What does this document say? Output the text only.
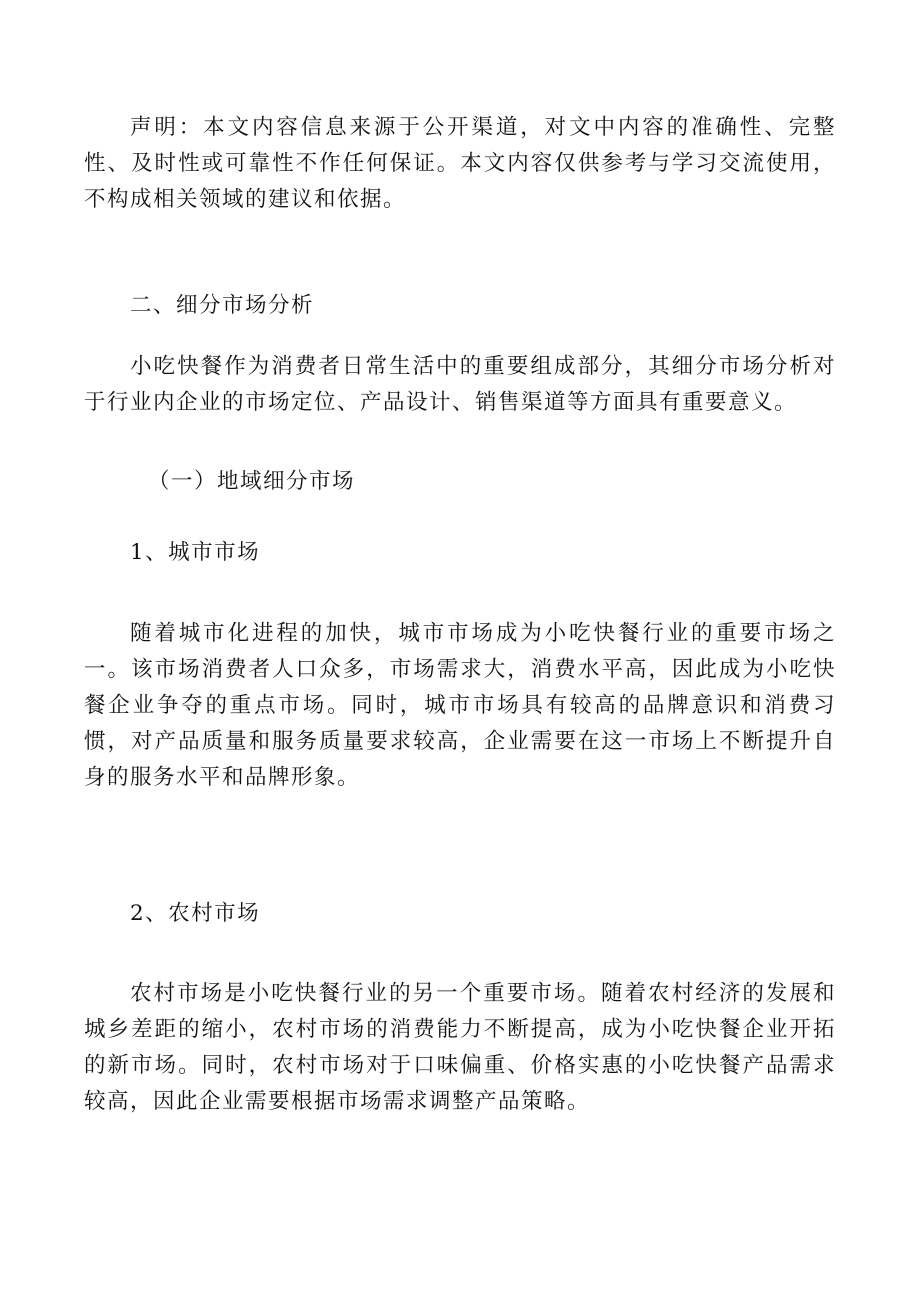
声明：本文内容信息来源于公开渠道，对文中内容的准确性、完整性、及时性或可靠性不作任何保证。本文内容仅供参考与学习交流使用，不构成相关领域的建议和依据。

二、细分市场分析

小吃快餐作为消费者日常生活中的重要组成部分，其细分市场分析对于行业内企业的市场定位、产品设计、销售渠道等方面具有重要意义。

（一）地域细分市场

1、城市市场

随着城市化进程的加快，城市市场成为小吃快餐行业的重要市场之一。该市场消费者人口众多，市场需求大，消费水平高，因此成为小吃快餐企业争夺的重点市场。同时，城市市场具有较高的品牌意识和消费习惯，对产品质量和服务质量要求较高，企业需要在这一市场上不断提升自身的服务水平和品牌形象。

2、农村市场

农村市场是小吃快餐行业的另一个重要市场。随着农村经济的发展和城乡差距的缩小，农村市场的消费能力不断提高，成为小吃快餐企业开拓的新市场。同时，农村市场对于口味偏重、价格实惠的小吃快餐产品需求较高，因此企业需要根据市场需求调整产品策略。
